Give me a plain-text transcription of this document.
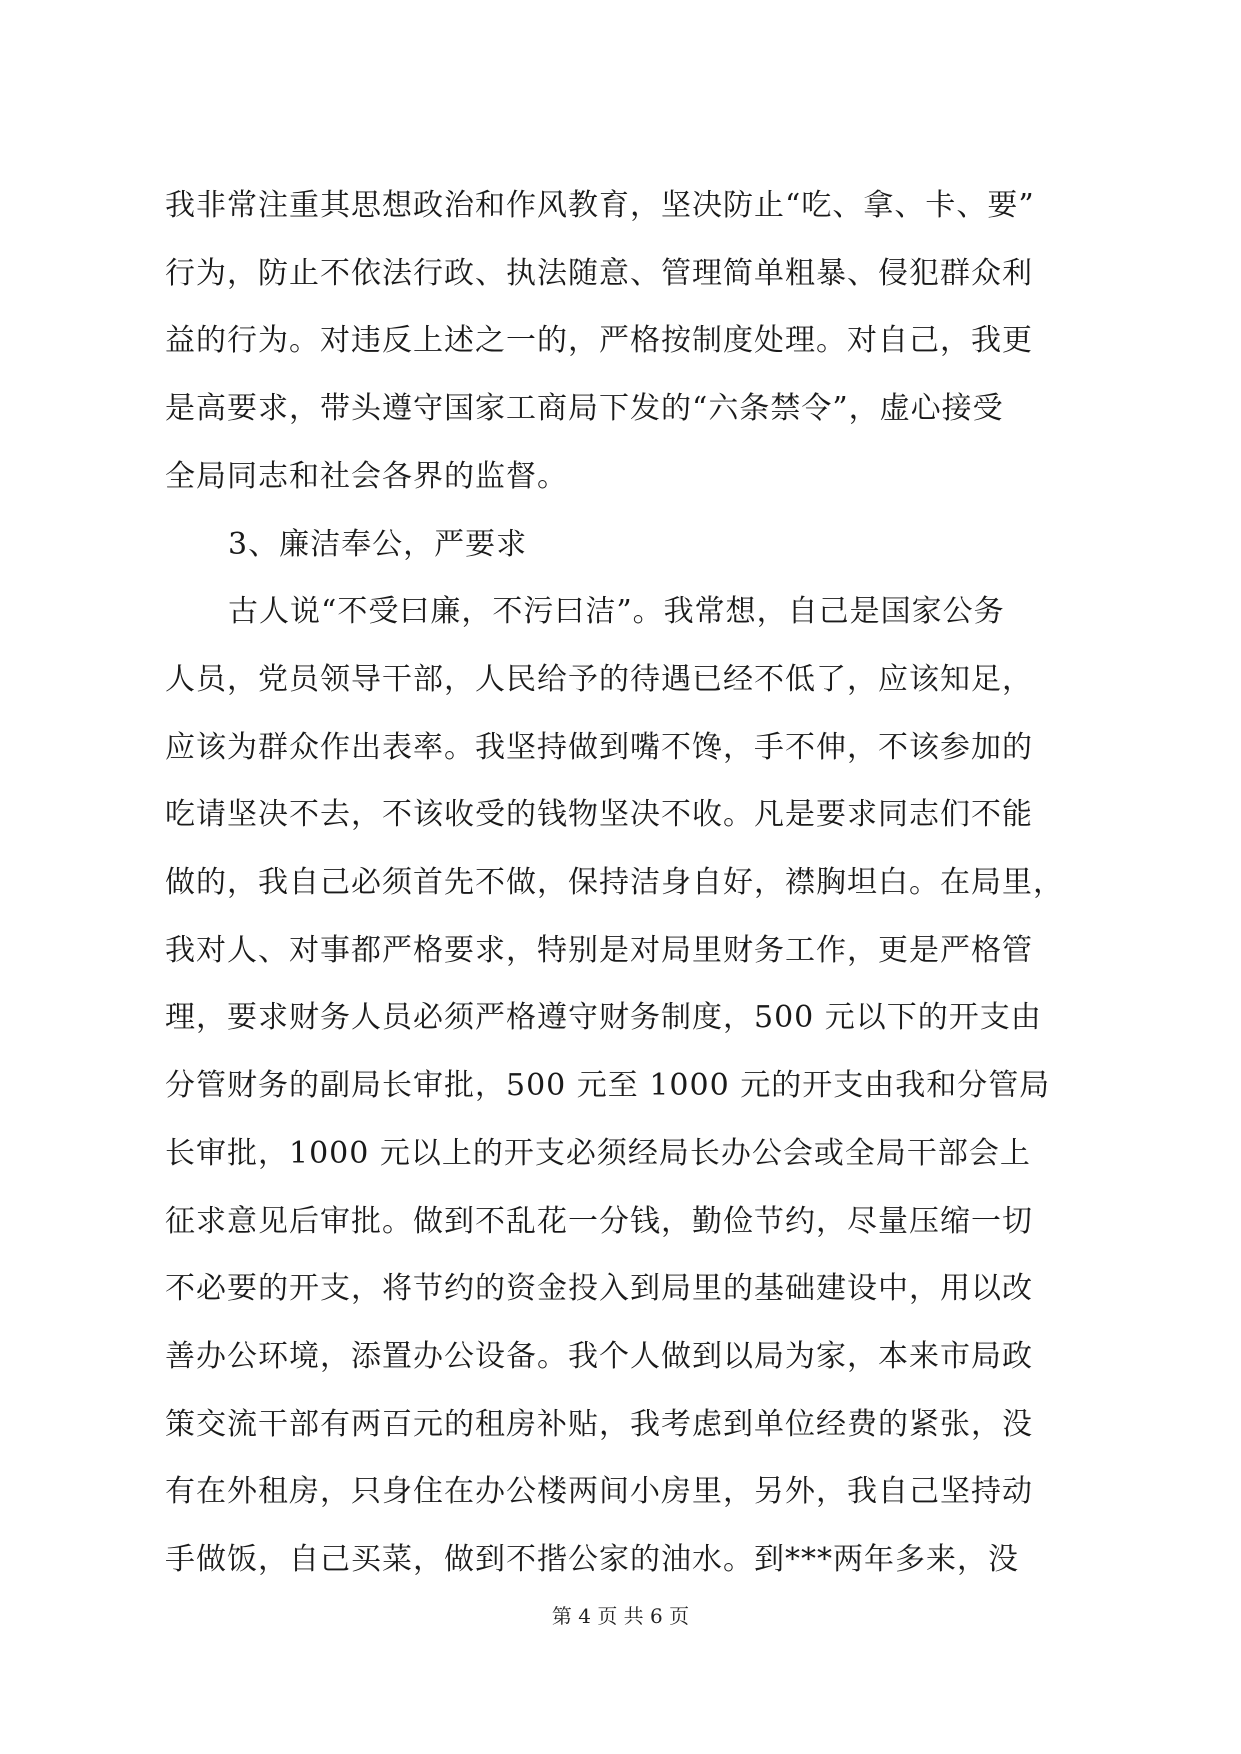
我非常注重其思想政治和作风教育，坚决防止“吃、拿、卡、要”
行为，防止不依法行政、执法随意、管理简单粗暴、侵犯群众利
益的行为。对违反上述之一的，严格按制度处理。对自己，我更
是高要求，带头遵守国家工商局下发的“六条禁令”，虚心接受
全局同志和社会各界的监督。
3、廉洁奉公，严要求
古人说“不受曰廉，不污曰洁”。我常想，自己是国家公务
人员，党员领导干部，人民给予的待遇已经不低了，应该知足，
应该为群众作出表率。我坚持做到嘴不馋，手不伸，不该参加的
吃请坚决不去，不该收受的钱物坚决不收。凡是要求同志们不能
做的，我自己必须首先不做，保持洁身自好，襟胸坦白。在局里，
我对人、对事都严格要求，特别是对局里财务工作，更是严格管
理，要求财务人员必须严格遵守财务制度，500 元以下的开支由
分管财务的副局长审批，500 元至 1000 元的开支由我和分管局
长审批，1000 元以上的开支必须经局长办公会或全局干部会上
征求意见后审批。做到不乱花一分钱，勤俭节约，尽量压缩一切
不必要的开支，将节约的资金投入到局里的基础建设中，用以改
善办公环境，添置办公设备。我个人做到以局为家，本来市局政
策交流干部有两百元的租房补贴，我考虑到单位经费的紧张，没
有在外租房，只身住在办公楼两间小房里，另外，我自己坚持动
第 4 页 共 6 页
手做饭，自己买菜，做到不揩公家的油水。到***两年多来，没
